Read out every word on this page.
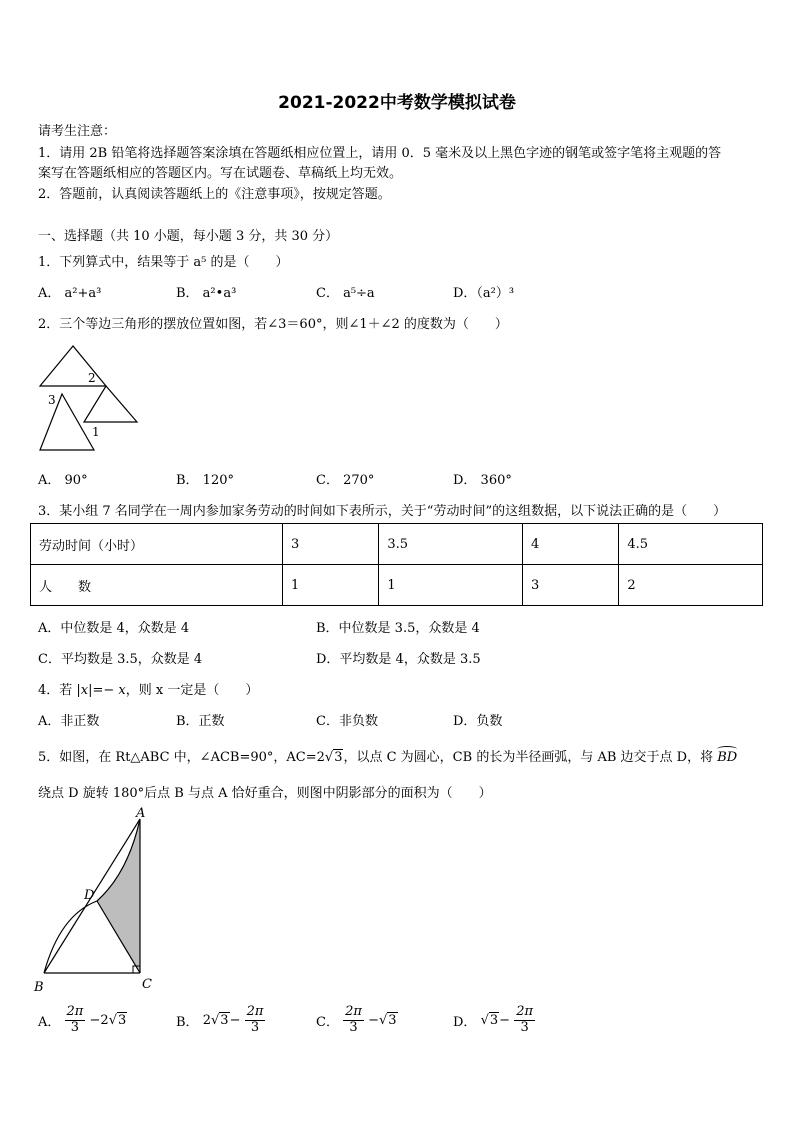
2021-2022中考数学模拟试卷
请考生注意：
1．请用 2B 铅笔将选择题答案涂填在答题纸相应位置上，请用 0．5 毫米及以上黑色字迹的钢笔或签字笔将主观题的答
案写在答题纸相应的答题区内。写在试题卷、草稿纸上均无效。
2．答题前，认真阅读答题纸上的《注意事项》，按规定答题。
一、选择题（共 10 小题，每小题 3 分，共 30 分）
1．下列算式中，结果等于 a⁵ 的是（　　）
A． a²+a³	B． a²•a³	C． a⁵÷a	D．（a²）³
2．三个等边三角形的摆放位置如图，若∠3＝60°，则∠1＋∠2 的度数为（　　）
2
3
1
A． 90°	B． 120°	C． 270°	D． 360°
3．某小组 7 名同学在一周内参加家务劳动的时间如下表所示，关于“劳动时间”的这组数据，以下说法正确的是（　　）
劳动时间（小时）	3	3.5	4	4.5
人　　数	1	1	3	2
A．中位数是 4，众数是 4	B．中位数是 3.5，众数是 4
C．平均数是 3.5，众数是 4	D．平均数是 4，众数是 3.5
4．若 |x|=− x，则 x 一定是（　　）
A．非正数	B．正数	C．非负数	D．负数
5．如图，在 Rt△ABC 中，∠ACB=90°，AC=2√3，以点 C 为圆心，CB 的长为半径画弧，与 AB 边交于点 D，将 BD
绕点 D 旋转 180°后点 B 与点 A 恰好重合，则图中阴影部分的面积为（　　）
A
D
B	C
A． $\frac{2\pi}{3} -2√3$	B． $2√3- \frac{2\pi}{3}$	C． $\frac{2\pi}{3} -√3$	D． $√3- \frac{2\pi}{3}$
